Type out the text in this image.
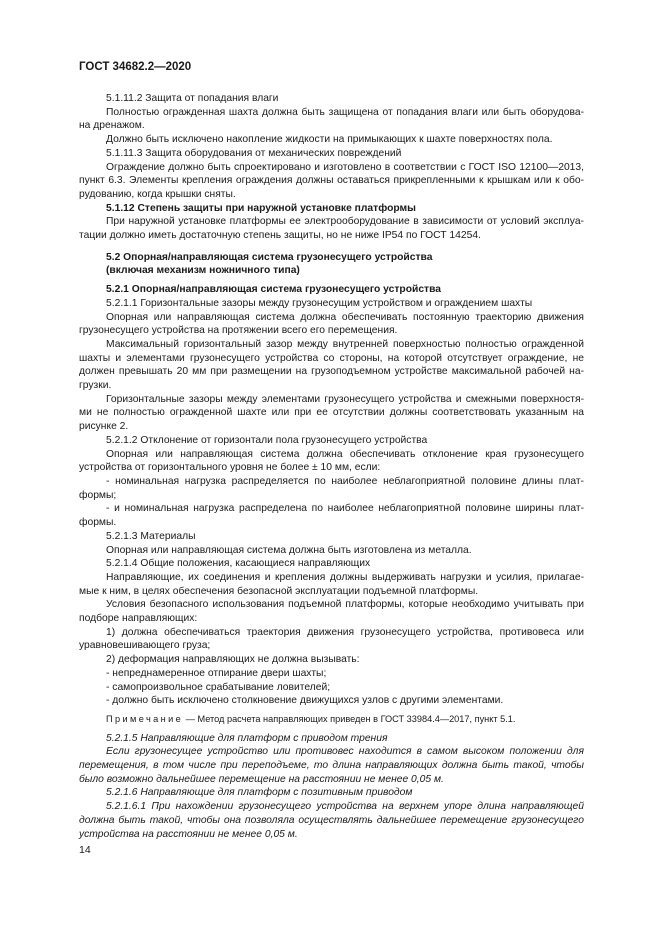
ГОСТ 34682.2—2020

5.1.11.2 Защита от попадания влаги

Полностью огражденная шахта должна быть защищена от попадания влаги или быть оборудова-на дренажом.

Должно быть исключено накопление жидкости на примыкающих к шахте поверхностях пола.

5.1.11.3 Защита оборудования от механических повреждений

Ограждение должно быть спроектировано и изготовлено в соответствии с ГОСТ ISO 12100—2013, пункт 6.3. Элементы крепления ограждения должны оставаться прикрепленными к крышкам или к обо-рудованию, когда крышки сняты.

5.1.12 Степень защиты при наружной установке платформы

При наружной установке платформы ее электрооборудование в зависимости от условий эксплуа-тации должно иметь достаточную степень защиты, но не ниже IP54 по ГОСТ 14254.

5.2 Опорная/направляющая система грузонесущего устройства

(включая механизм ножничного типа)

5.2.1 Опорная/направляющая система грузонесущего устройства

5.2.1.1 Горизонтальные зазоры между грузонесущим устройством и ограждением шахты

Опорная или направляющая система должна обеспечивать постоянную траекторию движения грузонесущего устройства на протяжении всего его перемещения.

Максимальный горизонтальный зазор между внутренней поверхностью полностью огражденной шахты и элементами грузонесущего устройства со стороны, на которой отсутствует ограждение, не должен превышать 20 мм при размещении на грузоподъемном устройстве максимальной рабочей на-грузки.

Горизонтальные зазоры между элементами грузонесущего устройства и смежными поверхностя-ми не полностью огражденной шахте или при ее отсутствии должны соответствовать указанным на рисунке 2.

5.2.1.2 Отклонение от горизонтали пола грузонесущего устройства

Опорная или направляющая система должна обеспечивать отклонение края грузонесущего устройства от горизонтального уровня не более ± 10 мм, если:

- номинальная нагрузка распределяется по наиболее неблагоприятной половине длины плат-формы;

- и номинальная нагрузка распределена по наиболее неблагоприятной половине ширины плат-формы.

5.2.1.3 Материалы

Опорная или направляющая система должна быть изготовлена из металла.

5.2.1.4 Общие положения, касающиеся направляющих

Направляющие, их соединения и крепления должны выдерживать нагрузки и усилия, прилагае-мые к ним, в целях обеспечения безопасной эксплуатации подъемной платформы.

Условия безопасного использования подъемной платформы, которые необходимо учитывать при подборе направляющих:

1) должна обеспечиваться траектория движения грузонесущего устройства, противовеса или уравновешивающего груза;

2) деформация направляющих не должна вызывать:

- непреднамеренное отпирание двери шахты;

- самопроизвольное срабатывание ловителей;

- должно быть исключено столкновение движущихся узлов с другими элементами.

Примечание — Метод расчета направляющих приведен в ГОСТ 33984.4—2017, пункт 5.1.

5.2.1.5 Направляющие для платформ с приводом трения

Если грузонесущее устройство или противовес находится в самом высоком положении для перемещения, в том числе при переподъеме, то длина направляющих должна быть такой, чтобы было возможно дальнейшее перемещение на расстоянии не менее 0,05 м.

5.2.1.6 Направляющие для платформ с позитивным приводом

5.2.1.6.1 При нахождении грузонесущего устройства на верхнем упоре длина направляющей должна быть такой, чтобы она позволяла осуществлять дальнейшее перемещение грузонесущего устройства на расстоянии не менее 0,05 м.

14
